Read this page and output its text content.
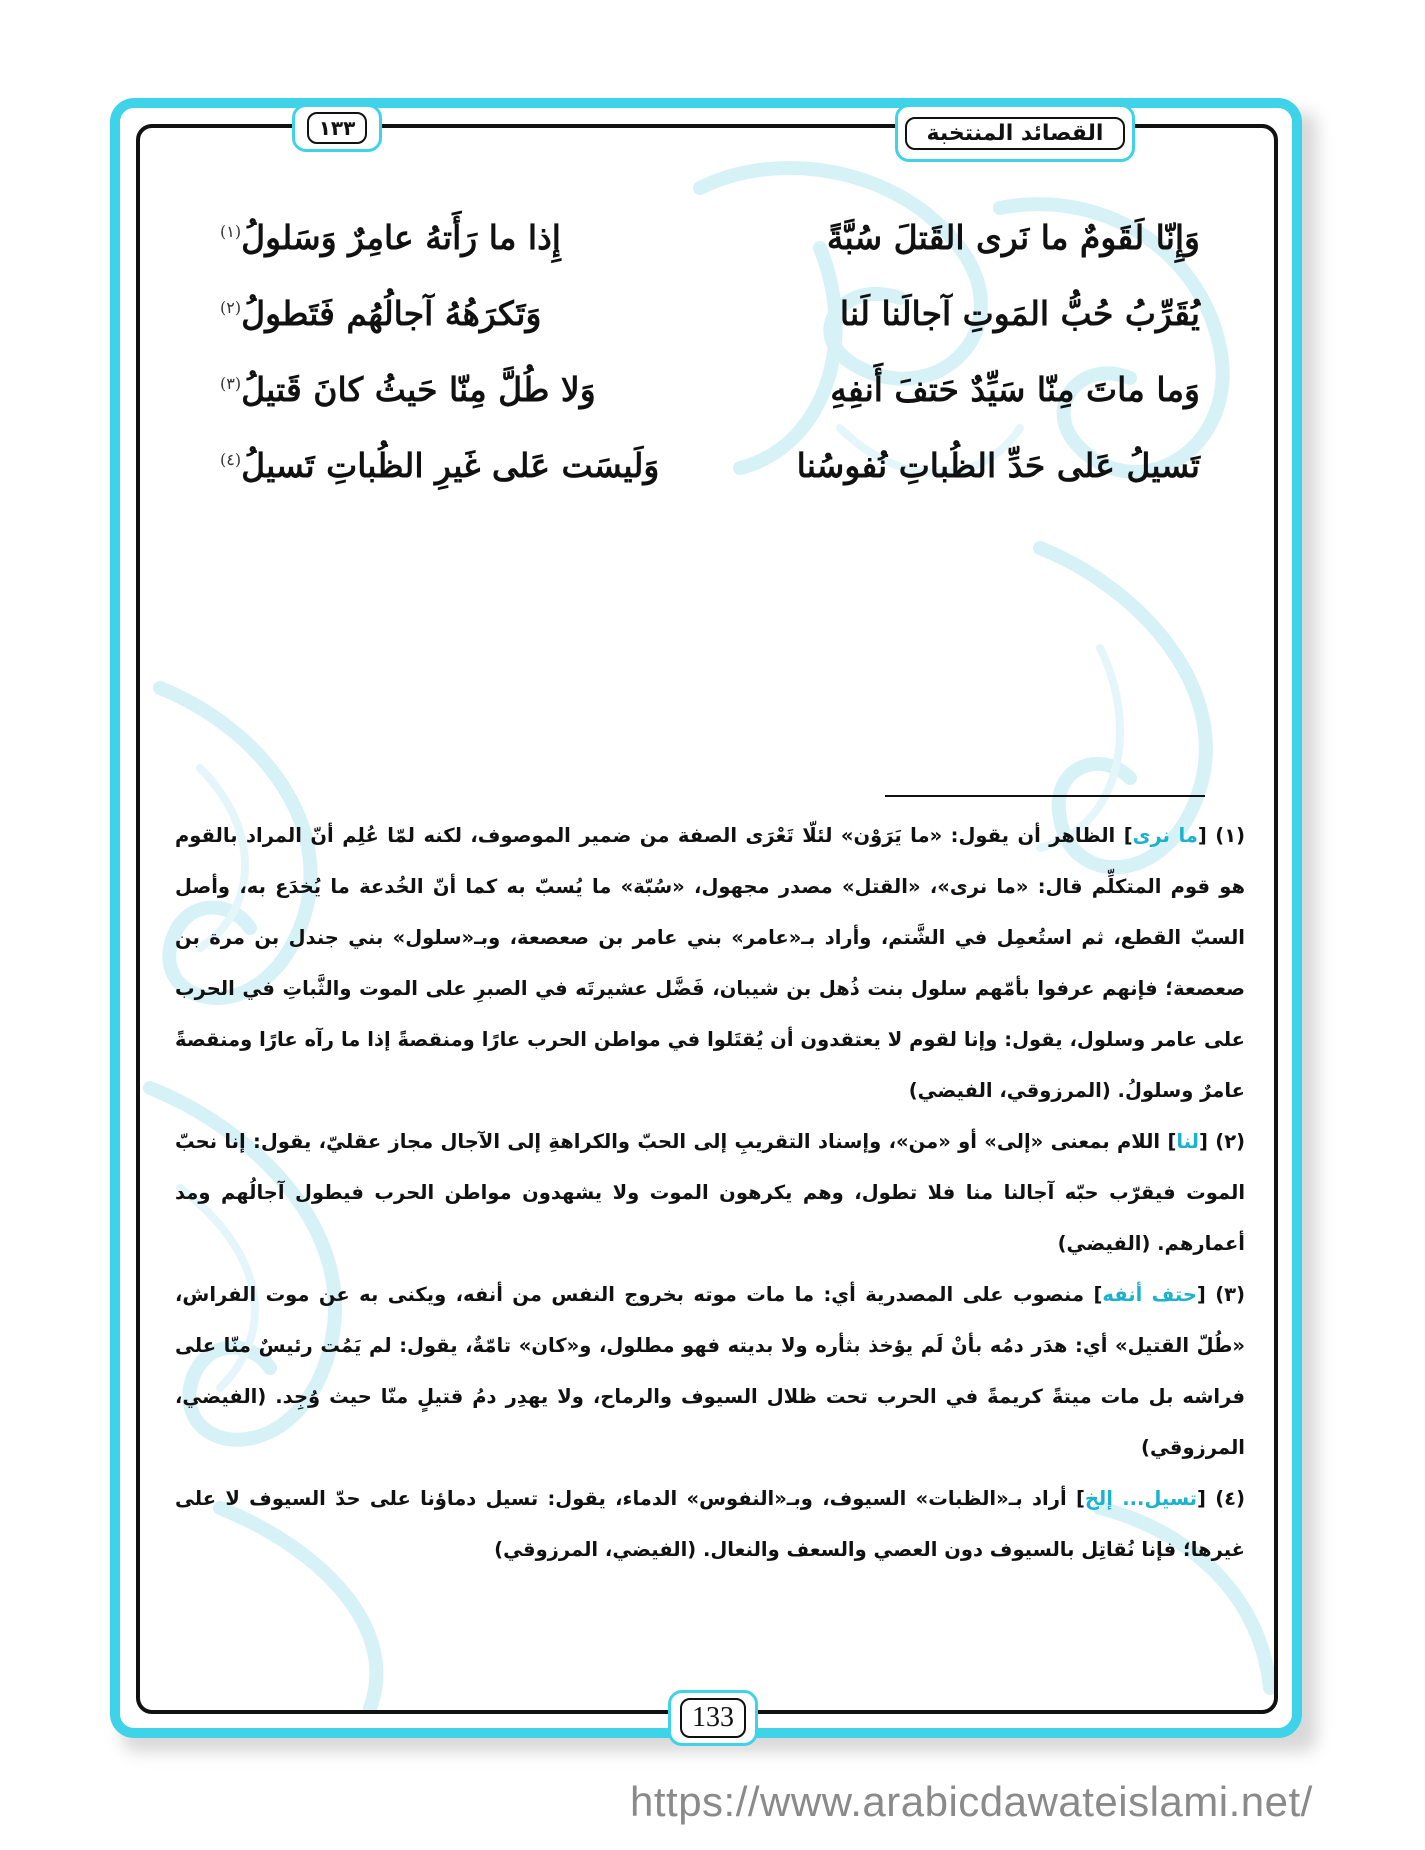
القصائد المنتخبة
١٣٣
وَإِنّا لَقَومٌ ما نَرى القَتلَ سُبَّةً
إِذا ما رَأَتهُ عامِرٌ وَسَلولُ$^{(١)}$
يُقَرِّبُ حُبُّ المَوتِ آجالَنا لَنا
وَتَكرَهُهُ آجالُهُم فَتَطولُ$^{(٢)}$
وَما ماتَ مِنّا سَيِّدٌ حَتفَ أَنفِهِ
وَلا طُلَّ مِنّا حَيثُ كانَ قَتيلُ$^{(٣)}$
تَسيلُ عَلى حَدِّ الظُباتِ نُفوسُنا
وَلَيسَت عَلى غَيرِ الظُباتِ تَسيلُ$^{(٤)}$

(١) [ما نرى] الظاهر أن يقول: «ما يَرَوْن» لئلّا تَعْرَى الصفة من ضمير الموصوف، لكنه لمّا عُلِم أنّ المراد بالقوم هو قوم المتكلِّم قال: «ما نرى»، «القتل» مصدر مجهول، «سُبّة» ما يُسبّ به كما أنّ الخُدعة ما يُخدَع به، وأصل السبّ القطع، ثم استُعمِل في الشَّتم، وأراد بـ«عامر» بني عامر بن صعصعة، وبـ«سلول» بني جندل بن مرة بن صعصعة؛ فإنهم عرفوا بأمّهم سلول بنت ذُهل بن شيبان، فَضَّل عشيرتَه في الصبرِ على الموت والثَّباتِ في الحرب على عامر وسلول، يقول: وإنا لقوم لا يعتقدون أن يُقتَلوا في مواطن الحرب عارًا ومنقصةً إذا ما رآه عارًا ومنقصةً عامرٌ وسلولُ. (المرزوقي، الفيضي)

(٢) [لنا] اللام بمعنى «إلى» أو «من»، وإسناد التقريبِ إلى الحبّ والكراهةِ إلى الآجال مجاز عقليّ، يقول: إنا نحبّ الموت فيقرّب حبّه آجالنا منا فلا تطول، وهم يكرهون الموت ولا يشهدون مواطن الحرب فيطول آجالُهم ومد أعمارهم. (الفيضي)

(٣) [حتف أنفه] منصوب على المصدرية أي: ما مات موته بخروج النفس من أنفه، ويكنى به عن موت الفراش، «طُلّ القتيل» أي: هدَر دمُه بأنْ لَم يؤخذ بثأره ولا بديته فهو مطلول، و«كان» تامّةٌ، يقول: لم يَمُت رئيسٌ منّا على فراشه بل مات ميتةً كريمةً في الحرب تحت ظلال السيوف والرماح، ولا يهدِر دمُ قتيلٍ منّا حيث وُجِد. (الفيضي، المرزوقي)

(٤) [تسيل... إلخ] أراد بـ«الظبات» السيوف، وبـ«النفوس» الدماء، يقول: تسيل دماؤنا على حدّ السيوف لا على غيرها؛ فإنا نُقاتِل بالسيوف دون العصي والسعف والنعال. (الفيضي، المرزوقي)

133
https://www.arabicdawateislami.net/
